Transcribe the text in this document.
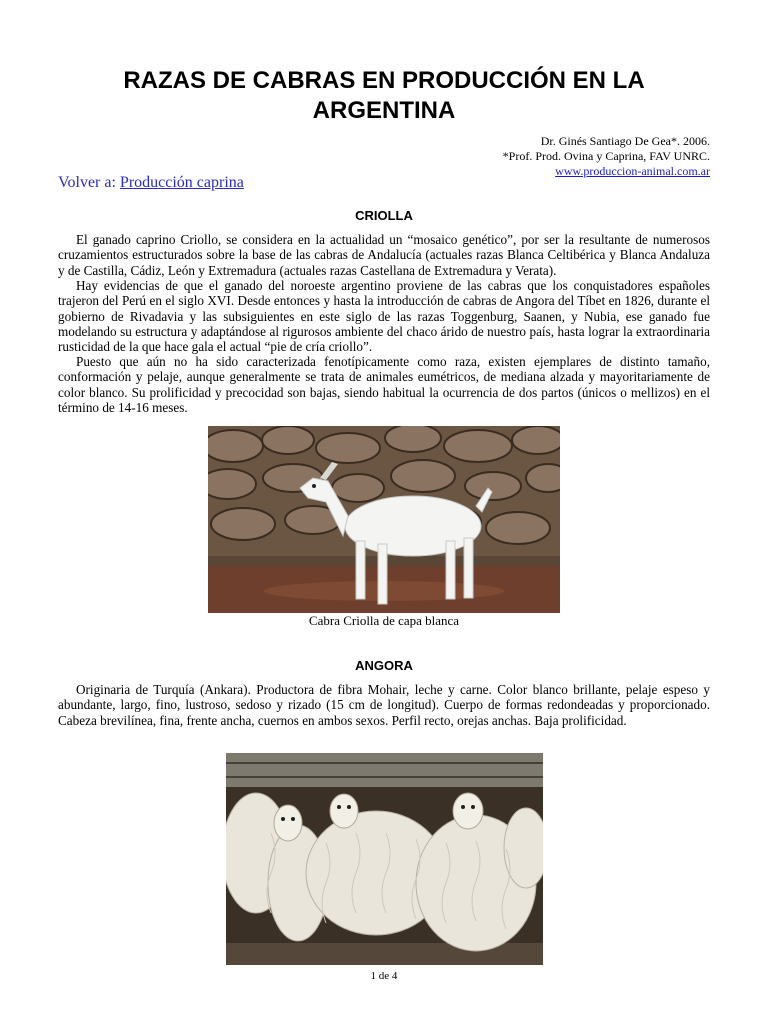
RAZAS DE CABRAS EN PRODUCCIÓN EN LA ARGENTINA
Dr. Ginés Santiago De Gea*. 2006.
*Prof. Prod. Ovina y Caprina, FAV UNRC.
www.produccion-animal.com.ar
Volver a: Producción caprina
CRIOLLA

El ganado caprino Criollo, se considera en la actualidad un “mosaico genético”, por ser la resultante de numerosos cruzamientos estructurados sobre la base de las cabras de Andalucía (actuales razas Blanca Celtibérica y Blanca Andaluza y de Castilla, Cádiz, León y Extremadura (actuales razas Castellana de Extremadura y Verata).

Hay evidencias de que el ganado del noroeste argentino proviene de las cabras que los conquistadores españoles trajeron del Perú en el siglo XVI. Desde entonces y hasta la introducción de cabras de Angora del Tíbet en 1826, durante el gobierno de Rivadavia y las subsiguientes en este siglo de las razas Toggenburg, Saanen, y Nubia, ese ganado fue modelando su estructura y adaptándose al rigurosos ambiente del chaco árido de nuestro país, hasta lograr la extraordinaria rusticidad de la que hace gala el actual “pie de cría criollo”.

Puesto que aún no ha sido caracterizada fenotípicamente como raza, existen ejemplares de distinto tamaño, conformación y pelaje, aunque generalmente se trata de animales eumétricos, de mediana alzada y mayoritariamente de color blanco. Su prolificidad y precocidad son bajas, siendo habitual la ocurrencia de dos partos (únicos o mellizos) en el término de 14-16 meses.

Cabra Criolla de capa blanca
ANGORA

Originaria de Turquía (Ankara). Productora de fibra Mohair, leche y carne. Color blanco brillante, pelaje espeso y abundante, largo, fino, lustroso, sedoso y rizado (15 cm de longitud). Cuerpo de formas redondeadas y proporcionado. Cabeza brevilínea, fina, frente ancha, cuernos en ambos sexos. Perfil recto, orejas anchas. Baja prolificidad.

1 de 4
